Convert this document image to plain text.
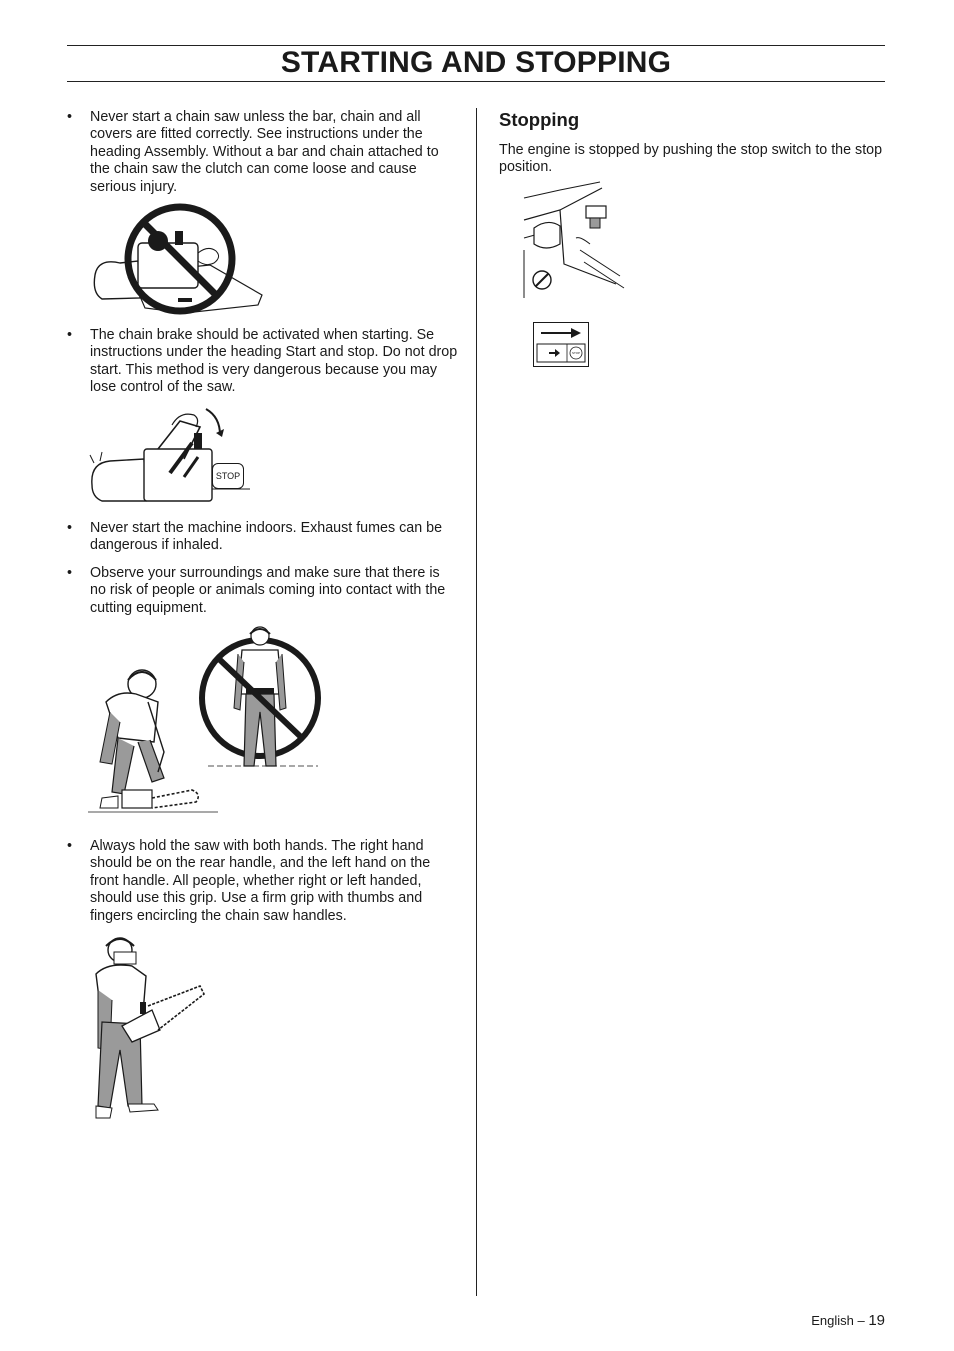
STARTING AND STOPPING
• Never start a chain saw unless the bar, chain and all covers are fitted correctly. See instructions under the heading Assembly. Without a bar and chain attached to the chain saw the clutch can come loose and cause serious injury.
• The chain brake should be activated when starting. Se instructions under the heading Start and stop. Do not drop start. This method is very dangerous because you may lose control of the saw.
STOP
• Never start the machine indoors. Exhaust fumes can be dangerous if inhaled.
• Observe your surroundings and make sure that there is no risk of people or animals coming into contact with the cutting equipment.
• Always hold the saw with both hands. The right hand should be on the rear handle, and the left hand on the front handle. All people, whether right or left handed, should use this grip. Use a firm grip with thumbs and fingers encircling the chain saw handles.
Stopping

The engine is stopped by pushing the stop switch to the stop position.

STOP
English – 19
